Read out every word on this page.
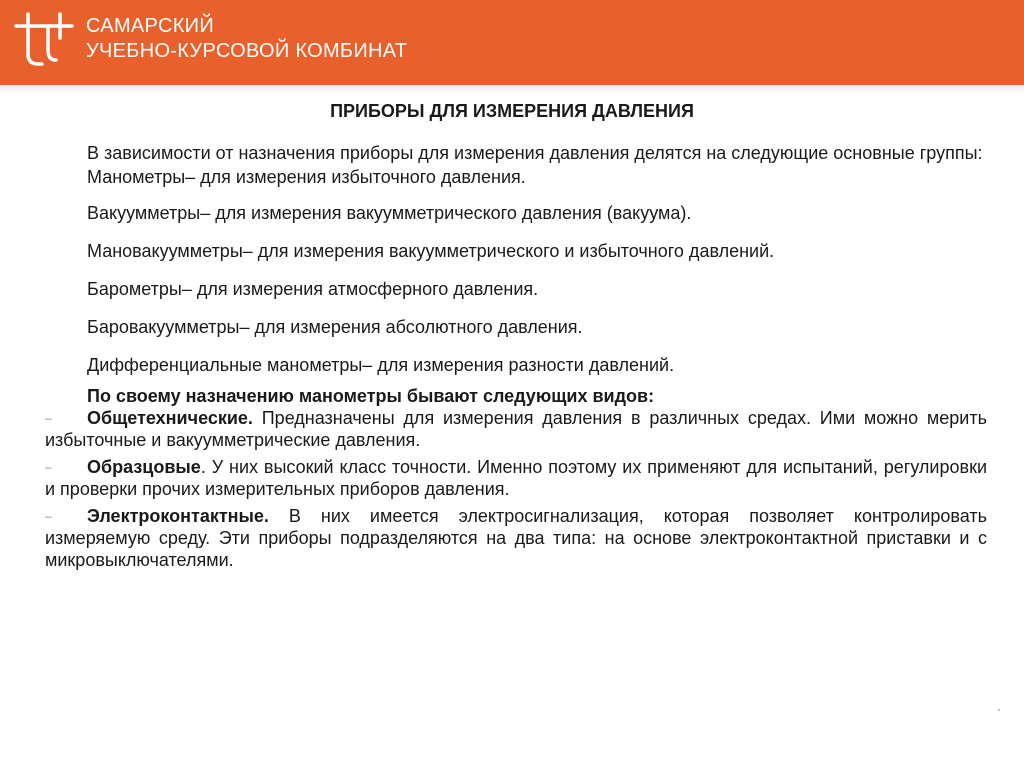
САМАРСКИЙ
УЧЕБНО-КУРСОВОЙ КОМБИНАТ
ПРИБОРЫ ДЛЯ ИЗМЕРЕНИЯ ДАВЛЕНИЯ

В зависимости от назначения приборы для измерения давления делятся на следующие основные группы:

Манометры– для измерения избыточного давления.

Вакуумметры– для измерения вакуумметрического давления (вакуума).

Мановакуумметры– для измерения вакуумметрического и избыточного давлений.

Барометры– для измерения атмосферного давления.

Баровакуумметры– для измерения абсолютного давления.

Дифференциальные манометры– для измерения разности давлений.

По своему назначению манометры бывают следующих видов:

–	Общетехнические. Предназначены для измерения давления в различных средах. Ими можно мерить избыточные и вакуумметрические давления.

–	Образцовые. У них высокий класс точности. Именно поэтому их применяют для испытаний, регулировки и проверки прочих измерительных приборов давления.

–	Электроконтактные. В них имеется электросигнализация, которая позволяет контролировать измеряемую среду. Эти приборы подразделяются на два типа: на основе электроконтактной приставки и с микровыключателями.
